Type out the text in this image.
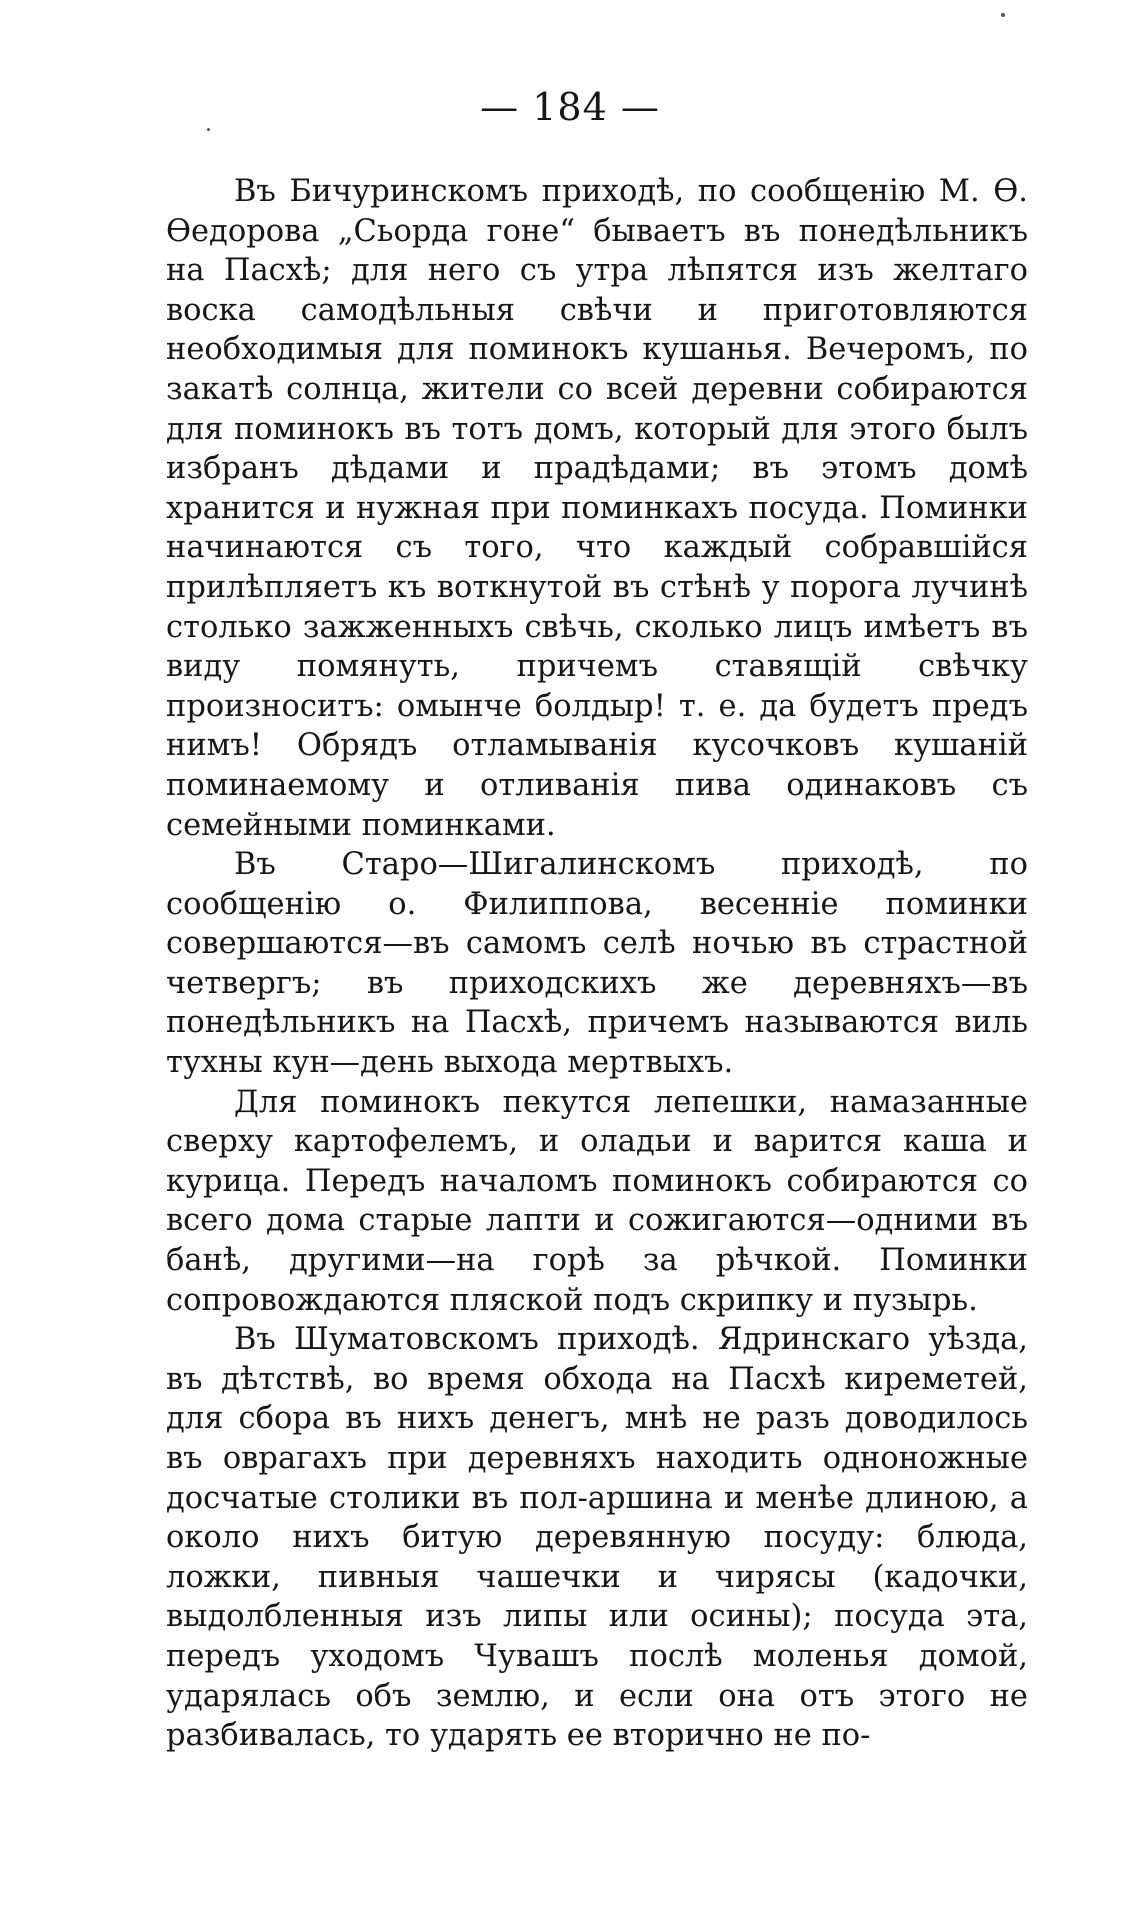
— 184 —

Въ Бичуринскомъ приходѣ, по сообщенію М. Ѳ. Ѳедорова „Сьорда гоне“ бываетъ въ понедѣльникъ на Пасхѣ; для него съ утра лѣпятся изъ желтаго воска самодѣльныя свѣчи и приготовляются необходимыя для поминокъ кушанья. Вечеромъ, по закатѣ солнца, жители со всей деревни собираются для поминокъ въ тотъ домъ, который для этого былъ избранъ дѣдами и прадѣдами; въ этомъ домѣ хранится и нужная при поминкахъ посуда. Поминки начинаются съ того, что каждый собравшійся прилѣпляетъ къ воткнутой въ стѣнѣ у порога лучинѣ столько зажженныхъ свѣчь, сколько лицъ имѣетъ въ виду помянуть, причемъ ставящій свѣчку произноситъ: омынче болдыр! т. е. да будетъ предъ нимъ! Обрядъ отламыванія кусочковъ кушаній поминаемому и отливанія пива одинаковъ съ семейными поминками.

Въ Старо—Шигалинскомъ приходѣ, по сообщенію о. Филиппова, весенніе поминки совершаются—въ самомъ селѣ ночью въ страстной четвергъ; въ приходскихъ же деревняхъ—въ понедѣльникъ на Пасхѣ, причемъ называются виль тухны кун—день выхода мертвыхъ.

Для поминокъ пекутся лепешки, намазанные сверху картофелемъ, и оладьи и варится каша и курица. Передъ началомъ поминокъ собираются со всего дома старые лапти и сожигаются—одними въ банѣ, другими—на горѣ за рѣчкой. Поминки сопровождаются пляской подъ скрипку и пузырь.

Въ Шуматовскомъ приходѣ. Ядринскаго уѣзда, въ дѣтствѣ, во время обхода на Пасхѣ киреметей, для сбора въ нихъ денегъ, мнѣ не разъ доводилось въ оврагахъ при деревняхъ находить одноножные досчатые столики въ пол-аршина и менѣе длиною, а около нихъ битую деревянную посуду: блюда, ложки, пивныя чашечки и чирясы (кадочки, выдолбленныя изъ липы или осины); посуда эта, передъ уходомъ Чувашъ послѣ моленья домой, ударялась объ землю, и если она отъ этого не разбивалась, то ударять ее вторично не по-
